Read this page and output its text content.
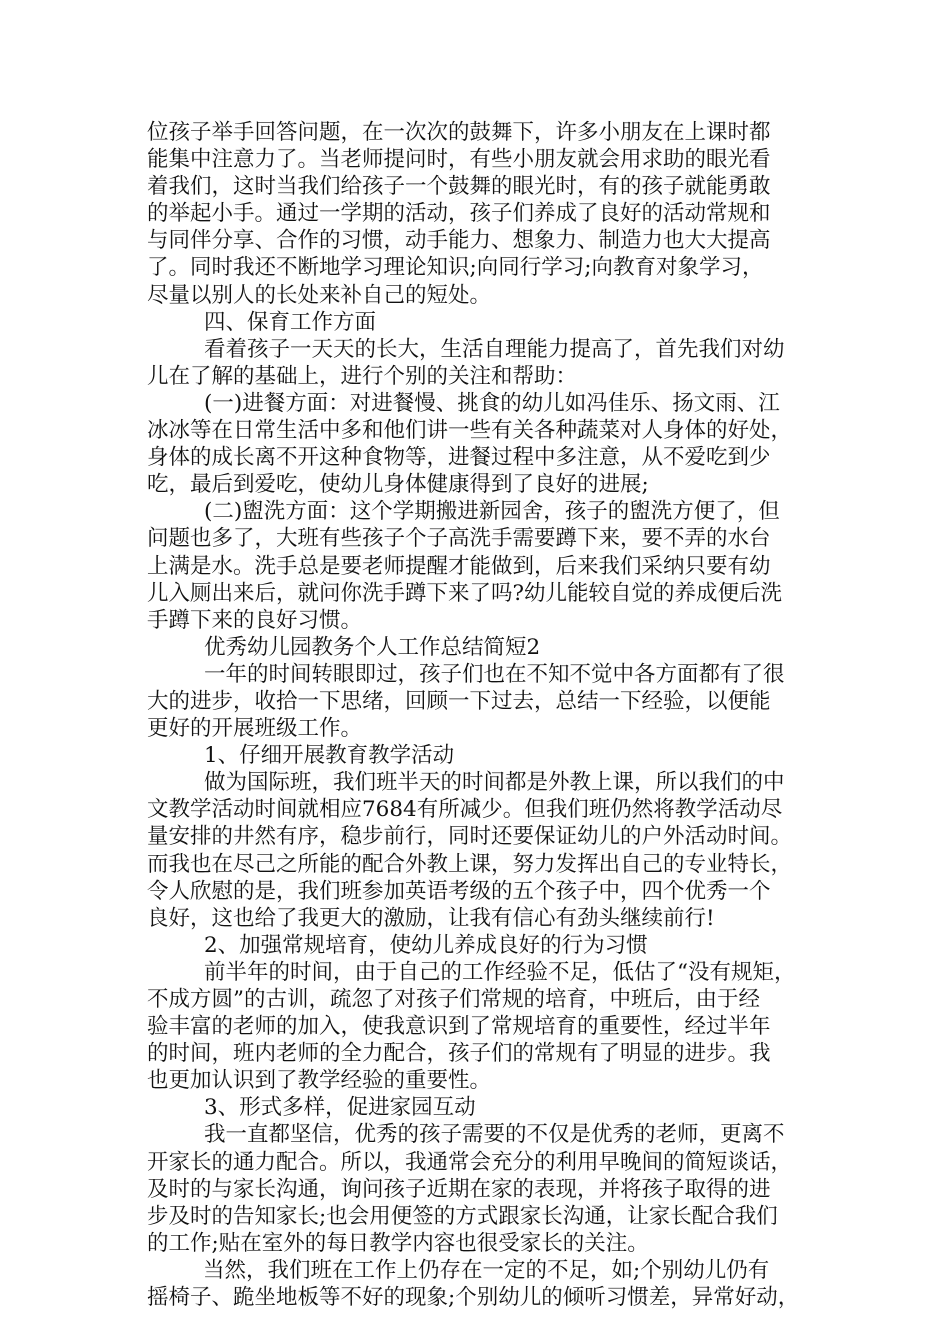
位孩子举手回答问题，在一次次的鼓舞下，许多小朋友在上课时都
能集中注意力了。当老师提问时，有些小朋友就会用求助的眼光看
着我们，这时当我们给孩子一个鼓舞的眼光时，有的孩子就能勇敢
的举起小手。通过一学期的活动，孩子们养成了良好的活动常规和
与同伴分享、合作的习惯，动手能力、想象力、制造力也大大提高
了。同时我还不断地学习理论知识;向同行学习;向教育对象学习，
尽量以别人的长处来补自己的短处。
四、保育工作方面
看着孩子一天天的长大，生活自理能力提高了，首先我们对幼
儿在了解的基础上，进行个别的关注和帮助：
(一)进餐方面：对进餐慢、挑食的幼儿如冯佳乐、扬文雨、江
冰冰等在日常生活中多和他们讲一些有关各种蔬菜对人身体的好处，
身体的成长离不开这种食物等，进餐过程中多注意，从不爱吃到少
吃，最后到爱吃，使幼儿身体健康得到了良好的进展;
(二)盥洗方面：这个学期搬进新园舍，孩子的盥洗方便了，但
问题也多了，大班有些孩子个子高洗手需要蹲下来，要不弄的水台
上满是水。洗手总是要老师提醒才能做到，后来我们采纳只要有幼
儿入厕出来后，就问你洗手蹲下来了吗?幼儿能较自觉的养成便后洗
手蹲下来的良好习惯。
优秀幼儿园教务个人工作总结简短2
一年的时间转眼即过，孩子们也在不知不觉中各方面都有了很
大的进步，收拾一下思绪，回顾一下过去，总结一下经验，以便能
更好的开展班级工作。
1、仔细开展教育教学活动
做为国际班，我们班半天的时间都是外教上课，所以我们的中
文教学活动时间就相应7684有所减少。但我们班仍然将教学活动尽
量安排的井然有序，稳步前行，同时还要保证幼儿的户外活动时间。
而我也在尽己之所能的配合外教上课，努力发挥出自己的专业特长，
令人欣慰的是，我们班参加英语考级的五个孩子中，四个优秀一个
良好，这也给了我更大的激励，让我有信心有劲头继续前行!
2、加强常规培育，使幼儿养成良好的行为习惯
前半年的时间，由于自己的工作经验不足，低估了“没有规矩，
不成方圆”的古训，疏忽了对孩子们常规的培育，中班后，由于经
验丰富的老师的加入，使我意识到了常规培育的重要性，经过半年
的时间，班内老师的全力配合，孩子们的常规有了明显的进步。我
也更加认识到了教学经验的重要性。
3、形式多样，促进家园互动
我一直都坚信，优秀的孩子需要的不仅是优秀的老师，更离不
开家长的通力配合。所以，我通常会充分的利用早晚间的简短谈话，
及时的与家长沟通，询问孩子近期在家的表现，并将孩子取得的进
步及时的告知家长;也会用便签的方式跟家长沟通，让家长配合我们
的工作;贴在室外的每日教学内容也很受家长的关注。
当然，我们班在工作上仍存在一定的不足，如;个别幼儿仍有
摇椅子、跪坐地板等不好的现象;个别幼儿的倾听习惯差，异常好动，
